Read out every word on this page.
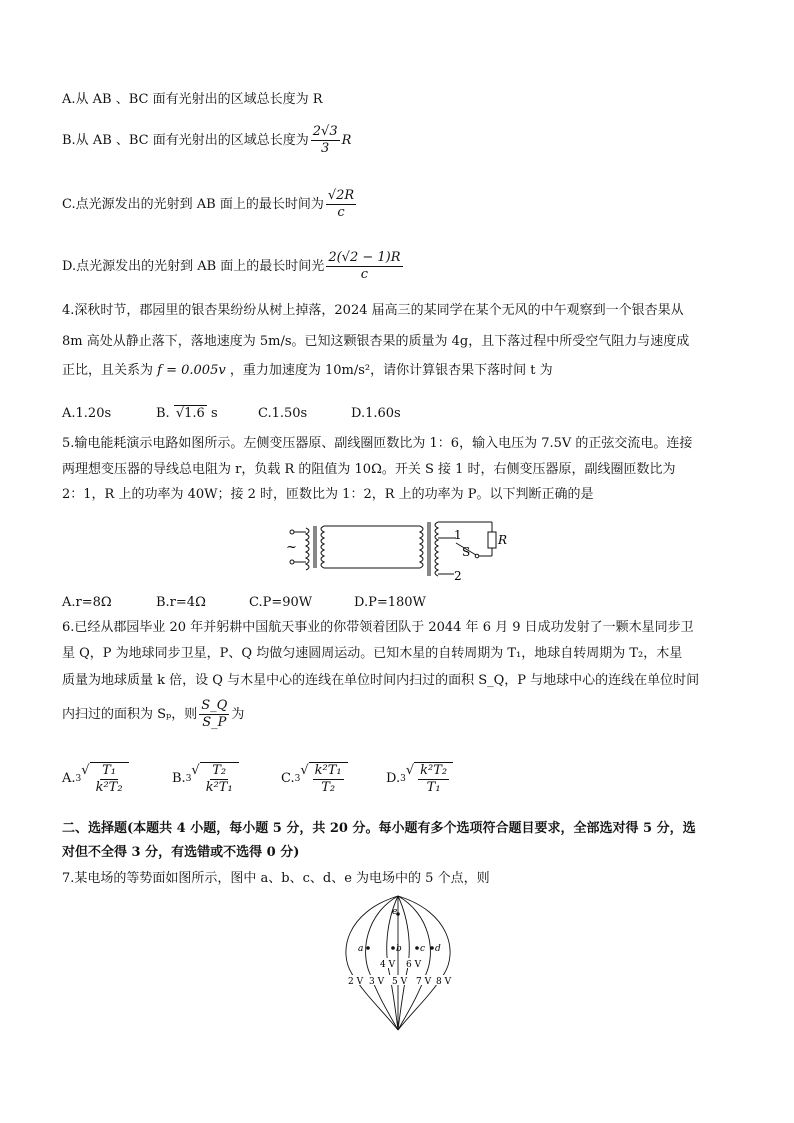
A.从 AB 、BC 面有光射出的区域总长度为 R
B.从 AB 、BC 面有光射出的区域总长度为 $\frac{2√3}{3}$ R
C.点光源发出的光射到 AB 面上的最长时间为 $\frac{√2R}{c}$
D.点光源发出的光射到 AB 面上的最长时间光 $\frac{2(√2 - 1)R}{c}$
4.深秋时节，郡园里的银杏果纷纷从树上掉落，2024 届高三的某同学在某个无风的中午观察到一个银杏果从
8m 高处从静止落下，落地速度为 5m/s。已知这颗银杏果的质量为 4g，且下落过程中所受空气阻力与速度成
正比，且关系为 f = 0.005v ，重力加速度为 10m/s²，请你计算银杏果下落时间 t 为
A.1.20s	B. √1.6 s	C.1.50s	D.1.60s
5.输电能耗演示电路如图所示。左侧变压器原、副线圈匝数比为 1：6，输入电压为 7.5V 的正弦交流电。连接
两理想变压器的导线总电阻为 r，负载 R 的阻值为 10Ω。开关 S 接 1 时，右侧变压器原，副线圈匝数比为
2：1，R 上的功率为 40W；接 2 时，匝数比为 1：2，R 上的功率为 P。以下判断正确的是
~
1
2
S
R
A.r=8Ω	B.r=4Ω	C.P=90W	D.P=180W
6.已经从郡园毕业 20 年并躬耕中国航天事业的你带领着团队于 2044 年 6 月 9 日成功发射了一颗木星同步卫
星 Q，P 为地球同步卫星，P、Q 均做匀速圆周运动。已知木星的自转周期为 T₁，地球自转周期为 T₂，木星
质量为地球质量 k 倍，设 Q 与木星中心的连线在单位时间内扫过的面积 S_Q，P 与地球中心的连线在单位时间
内扫过的面积为 Sₚ，则 $\frac{S\_Q}{S\_P}$ 为
A. 3
√ $\frac{\text{T₁}}{\text{k²T₂}}$	B. 3
√ $\frac{\text{T₂}}{\text{k²T₁}}$	C. 3
√ $\frac{\text{k²T₁}}{\text{T₂}}$	D. 3
√ $\frac{\text{k²T₂}}{\text{T₁}}$
二、选择题(本题共 4 小题，每小题 5 分，共 20 分。每小题有多个选项符合题目要求，全部选对得 5 分，选
对但不全得 3 分，有选错或不选得 0 分)
7.某电场的等势面如图所示，图中 a、b、c、d、e 为电场中的 5 个点，则
a	b c d
e
4 V 6 V
2 V 3 V 5 V 7 V 8 V
